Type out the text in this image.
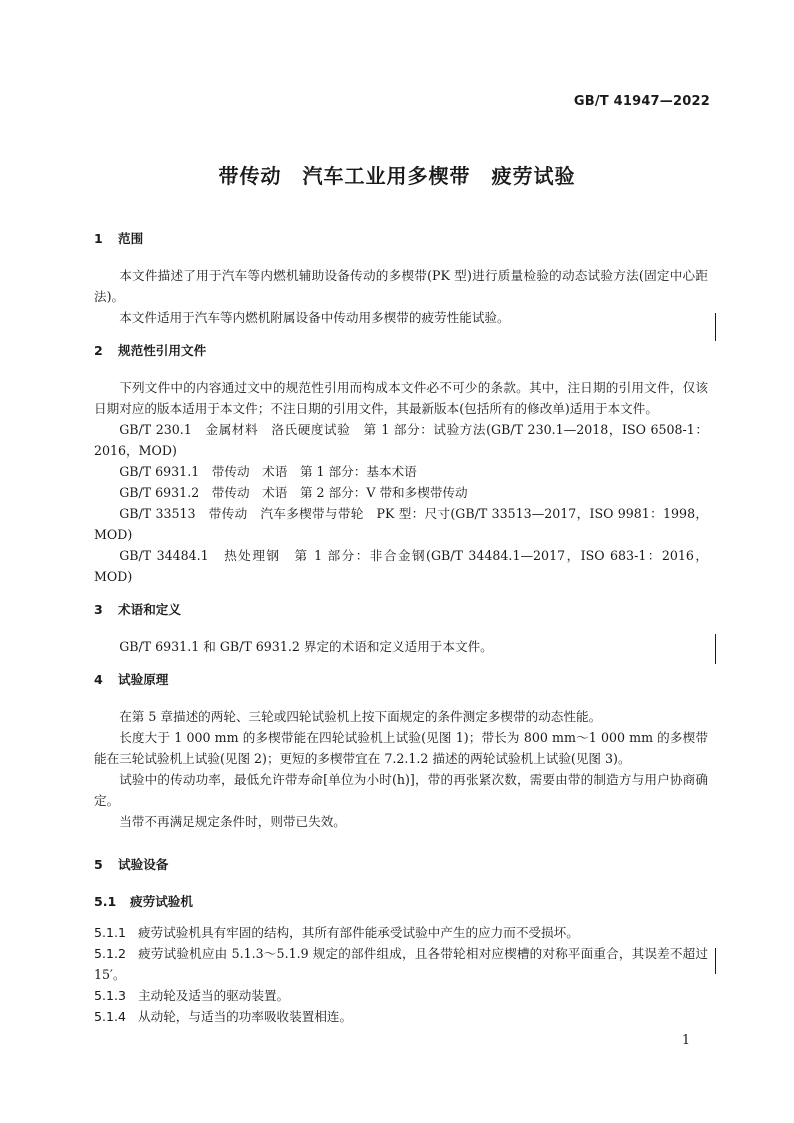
GB/T 41947—2022
带传动　汽车工业用多楔带　疲劳试验
1 范围

本文件描述了用于汽车等内燃机辅助设备传动的多楔带(PK 型)进行质量检验的动态试验方法(固定中心距法)。

本文件适用于汽车等内燃机附属设备中传动用多楔带的疲劳性能试验。

2 规范性引用文件

下列文件中的内容通过文中的规范性引用而构成本文件必不可少的条款。其中，注日期的引用文件，仅该日期对应的版本适用于本文件；不注日期的引用文件，其最新版本(包括所有的修改单)适用于本文件。

GB/T 230.1　金属材料　洛氏硬度试验　第 1 部分：试验方法(GB/T 230.1—2018，ISO 6508-1：2016，MOD)

GB/T 6931.1　带传动　术语　第 1 部分：基本术语

GB/T 6931.2　带传动　术语　第 2 部分：V 带和多楔带传动

GB/T 33513　带传动　汽车多楔带与带轮　PK 型：尺寸(GB/T 33513—2017，ISO 9981：1998，MOD)

GB/T 34484.1　热处理钢　第 1 部分：非合金钢(GB/T 34484.1—2017，ISO 683-1：2016，MOD)

3 术语和定义

GB/T 6931.1 和 GB/T 6931.2 界定的术语和定义适用于本文件。

4 试验原理

在第 5 章描述的两轮、三轮或四轮试验机上按下面规定的条件测定多楔带的动态性能。

长度大于 1 000 mm 的多楔带能在四轮试验机上试验(见图 1)；带长为 800 mm～1 000 mm 的多楔带能在三轮试验机上试验(见图 2)；更短的多楔带宜在 7.2.1.2 描述的两轮试验机上试验(见图 3)。

试验中的传动功率，最低允许带寿命[单位为小时(h)]，带的再张紧次数，需要由带的制造方与用户协商确定。

当带不再满足规定条件时，则带已失效。

5 试验设备
5.1 疲劳试验机

5.1.1 疲劳试验机具有牢固的结构，其所有部件能承受试验中产生的应力而不受损坏。

5.1.2 疲劳试验机应由 5.1.3～5.1.9 规定的部件组成，且各带轮相对应楔槽的对称平面重合，其误差不超过 15′。

5.1.3 主动轮及适当的驱动装置。

5.1.4 从动轮，与适当的功率吸收装置相连。

1
